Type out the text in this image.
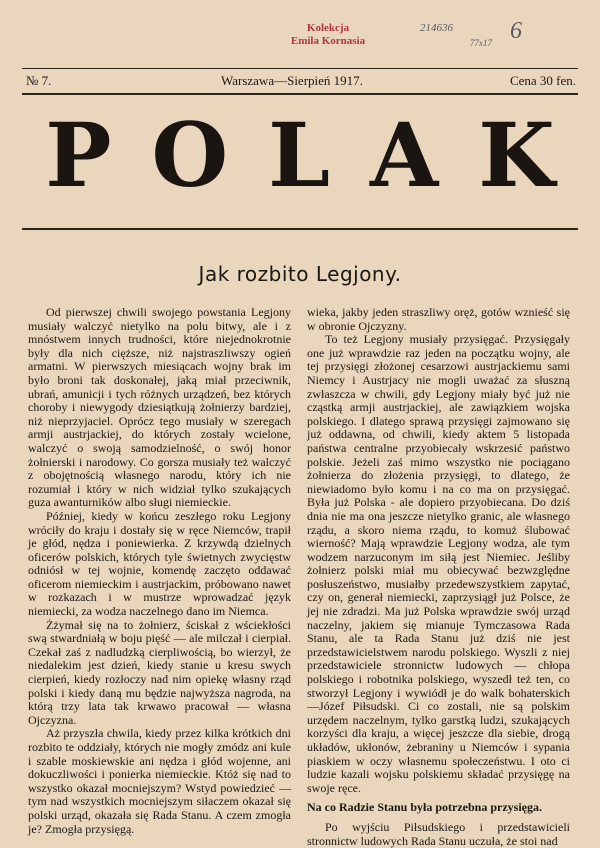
Kolekcja
Emila Kornasia
214636
77x17 6
№ 7.	Warszawa—Sierpień 1917.	Cena 30 fen.
POLAK
Jak rozbito Legjony.

Od pierwszej chwili swojego powstania Legjony musiały walczyć nietylko na polu bitwy, ale i z mnóstwem innych trudności, które niejednokrotnie były dla nich cięższe, niż najstraszliwszy ogień armatni. W pierwszych miesiącach wojny brak im było broni tak doskonałej, jaką miał przeciwnik, ubrań, amunicji i tych różnych urządzeń, bez których choroby i niewygody dziesiątkują żołnierzy bardziej, niż nieprzyjaciel. Oprócz tego musiały w szeregach armji austrjackiej, do których zostały wcielone, walczyć o swoją samodzielność, o swój honor żołnierski i narodowy. Co gorsza musiały też walczyć z obojętnością własnego narodu, który ich nie rozumiał i który w nich widział tylko szukających guza awanturników albo sługi niemieckie.

Później, kiedy w końcu zeszłego roku Legjony wróciły do kraju i dostały się w ręce Niemców, trapił je głód, nędza i poniewierka. Z krzywdą dzielnych oficerów polskich, których tyle świetnych zwycięstw odniósł w tej wojnie, komendę zaczęto oddawać oficerom niemieckim i austrjackim, próbowano nawet w rozkazach i w mustrze wprowadzać język niemiecki, za wodza naczelnego dano im Niemca.

Żżymał się na to żołnierz, ściskał z wściekłości swą stwardniałą w boju pięść — ale milczał i cierpiał. Czekał zaś z nadludzką cierpliwością, bo wierzył, że niedalekim jest dzień, kiedy stanie u kresu swych cierpień, kiedy rozłoczy nad nim opiekę własny rząd polski i kiedy daną mu będzie najwyższa nagroda, na którą trzy lata tak krwawo pracował — własna Ojczyzna.

Aż przyszła chwila, kiedy przez kilka krótkich dni rozbito te oddziały, których nie mogły zmódz ani kule i szable moskiewskie ani nędza i głód wojenne, ani dokuczliwości i ponierka niemieckie. Któż się nad to wszystko okazał mocniejszym? Wstyd powiedzieć — tym nad wszystkich mocniejszym siłaczem okazał się polski urząd, okazała się Rada Stanu. A czem zmogła je? Zmogła przysięgą.

wieka, jakby jeden straszliwy oręż, gotów wznieść się w obronie Ojczyzny.

To też Legjony musiały przysięgać. Przysięgały one już wprawdzie raz jeden na początku wojny, ale tej przysięgi złożonej cesarzowi austrjackiemu sami Niemcy i Austrjacy nie mogli uważać za słuszną zwłaszcza w chwili, gdy Legjony miały być już nie cząstką armji austrjackiej, ale zawiązkiem wojska polskiego. I dlatego sprawą przysięgi zajmowano się już oddawna, od chwili, kiedy aktem 5 listopada państwa centralne przyobiecały wskrzesić państwo polskie. Jeżeli zaś mimo wszystko nie pociągano żołnierza do złożenia przysięgi, to dlatego, że niewiadomo było komu i na co ma on przysięgać. Była już Polska - ale dopiero przyobiecana. Do dziś dnia nie ma ona jeszcze nietylko granic, ale własnego rządu, a skoro niema rządu, to komuż ślubować wierność? Mają wprawdzie Legjony wodza, ale tym wodzem narzuconym im siłą jest Niemiec. Jeśliby żołnierz polski miał mu obiecywać bezwzględne posłuszeństwo, musiałby przedewszystkiem zapytać, czy on, generał niemiecki, zaprzysiągł już Polsce, że jej nie zdradzi. Ma już Polska wprawdzie swój urząd naczelny, jakiem się mianuje Tymczasowa Rada Stanu, ale ta Rada Stanu już dziś nie jest przedstawicielstwem narodu polskiego. Wyszli z niej przedstawiciele stronnictw ludowych — chłopa polskiego i robotnika polskiego, wyszedł też ten, co stworzył Legjony i wywiódł je do walk bohaterskich—Józef Piłsudski. Ci co zostali, nie są polskim urzędem naczelnym, tylko garstką ludzi, szukających korzyści dla kraju, a więcej jeszcze dla siebie, drogą układów, ukłonów, żebraniny u Niemców i sypania piaskiem w oczy własnemu społeczeństwu. I oto ci ludzie kazali wojsku polskiemu składać przysięgę na swoje ręce.

Na co Radzie Stanu była potrzebna przysięga.

Po wyjściu Piłsudskiego i przedstawicieli stronnictw ludowych Rada Stanu uczuła, że stoi nad
